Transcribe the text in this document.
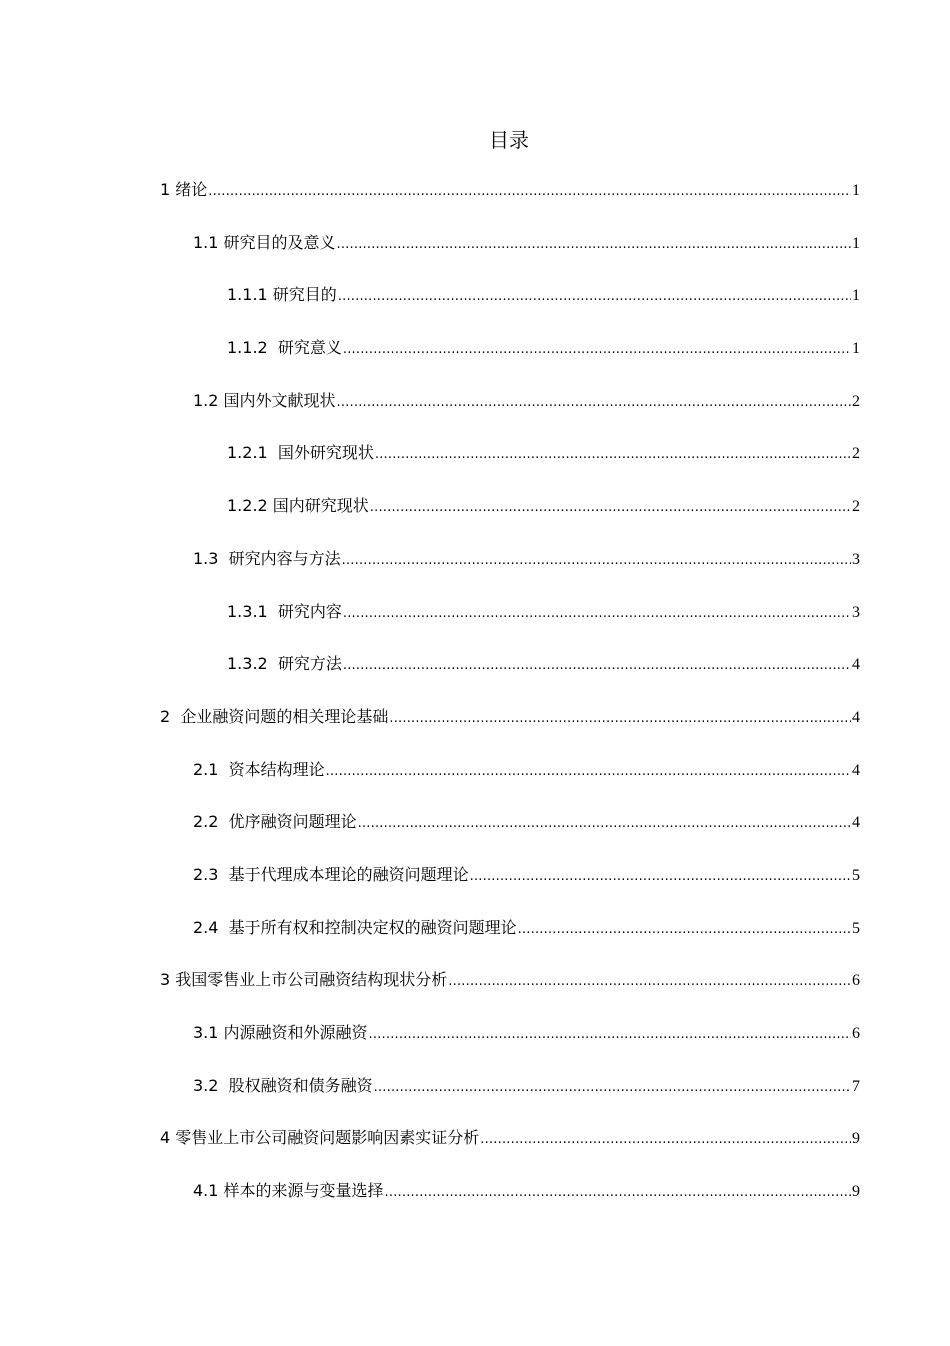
目录
1 绪论 .....	1
1.1 研究目的及意义 .....	1
1.1.1 研究目的 .....	1
1.1.2  研究意义 .....	1
1.2 国内外文献现状 .....	2
1.2.1  国外研究现状 .....	2
1.2.2 国内研究现状 .....	2
1.3  研究内容与方法 .....	3
1.3.1  研究内容 .....	3
1.3.2  研究方法 .....	4
2  企业融资问题的相关理论基础 .....	4
2.1  资本结构理论 .....	4
2.2  优序融资问题理论 .....	4
2.3  基于代理成本理论的融资问题理论 .....	5
2.4  基于所有权和控制决定权的融资问题理论 .....	5
3 我国零售业上市公司融资结构现状分析 .....	6
3.1 内源融资和外源融资 .....	6
3.2  股权融资和债务融资 .....	7
4 零售业上市公司融资问题影响因素实证分析 .....	9
4.1 样本的来源与变量选择 .....	9
